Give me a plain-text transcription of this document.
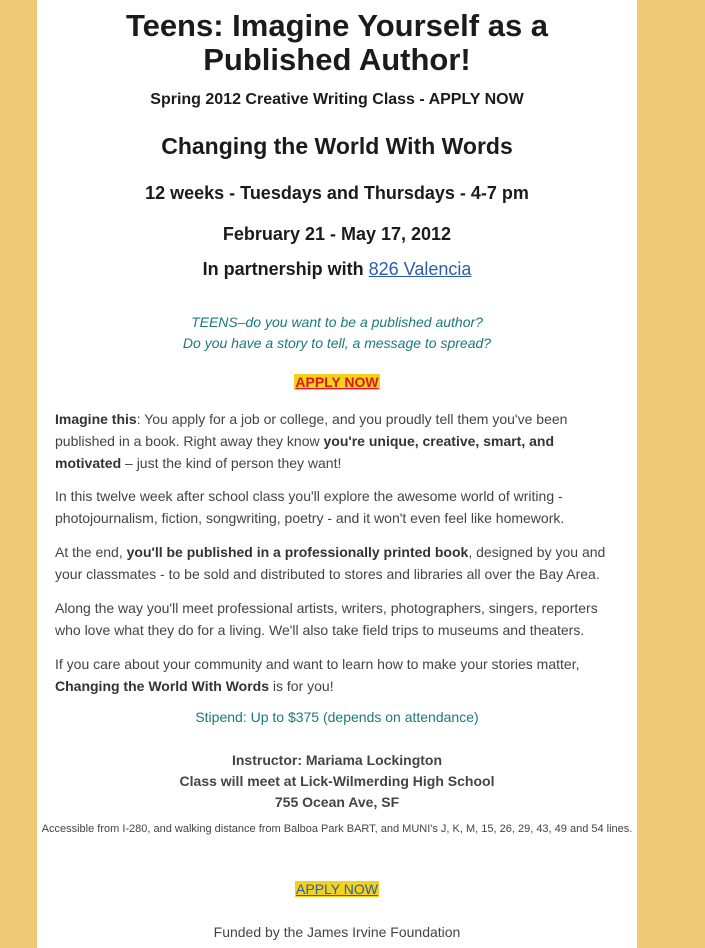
Teens: Imagine Yourself as a
Published Author!
Spring 2012 Creative Writing Class - APPLY NOW
Changing the World With Words
12 weeks - Tuesdays and Thursdays - 4-7 pm
February 21 - May 17, 2012
In partnership with 826 Valencia
TEENS–do you want to be a published author?
Do you have a story to tell, a message to spread?
APPLY NOW
Imagine this: You apply for a job or college, and you proudly tell them you've been published in a book. Right away they know you're unique, creative, smart, and motivated – just the kind of person they want!
In this twelve week after school class you'll explore the awesome world of writing - photojournalism, fiction, songwriting, poetry - and it won't even feel like homework.
At the end, you'll be published in a professionally printed book, designed by you and your classmates - to be sold and distributed to stores and libraries all over the Bay Area.
Along the way you'll meet professional artists, writers, photographers, singers, reporters who love what they do for a living. We'll also take field trips to museums and theaters.
If you care about your community and want to learn how to make your stories matter, Changing the World With Words is for you!
Stipend: Up to $375 (depends on attendance)
Instructor: Mariama Lockington
Class will meet at Lick-Wilmerding High School
755 Ocean Ave, SF
Accessible from I-280, and walking distance from Balboa Park BART, and MUNI's J, K, M, 15, 26, 29, 43, 49 and 54 lines.
APPLY NOW
Funded by the James Irvine Foundation
